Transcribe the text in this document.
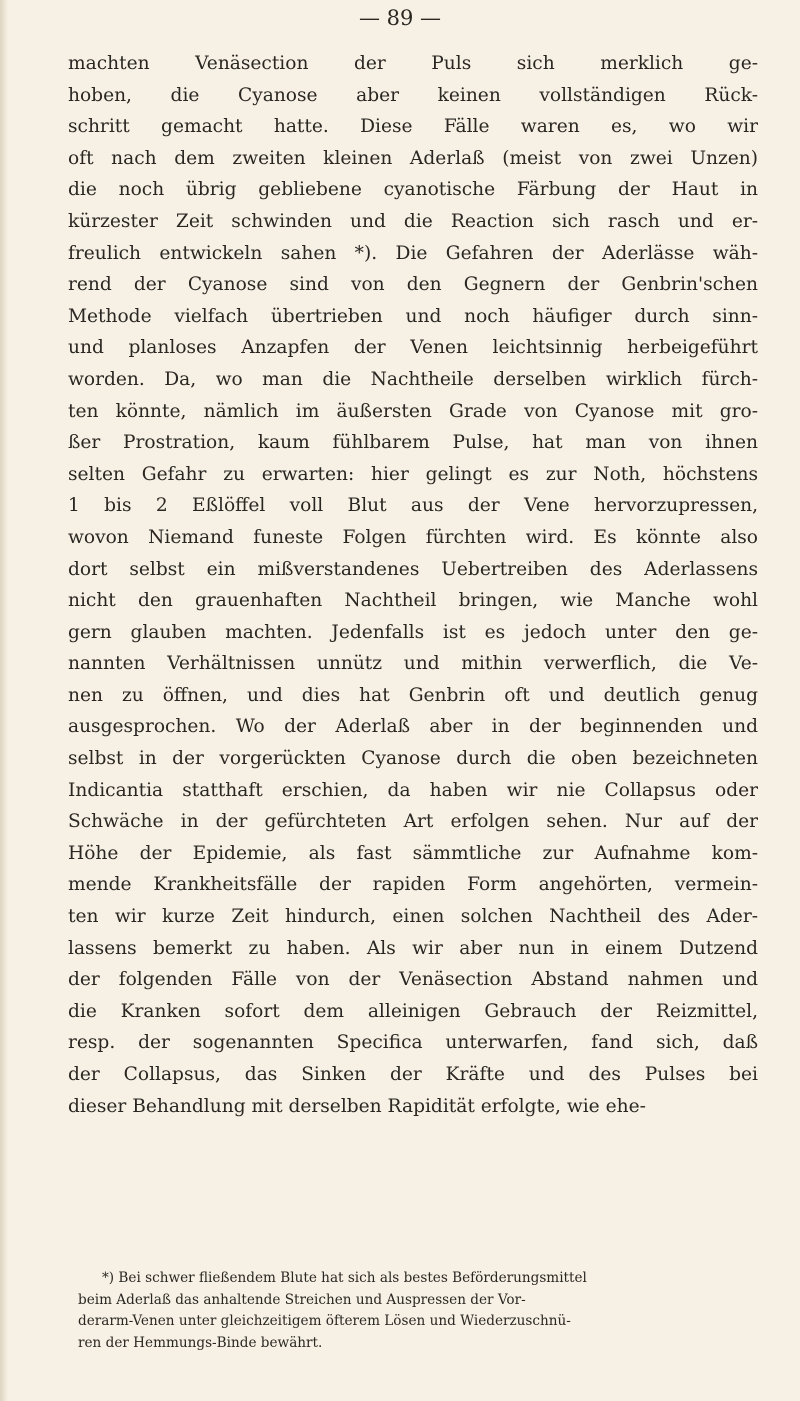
— 89 —

machten Venäsection der Puls sich merklich ge-
hoben, die Cyanose aber keinen vollständigen Rück-
schritt gemacht hatte. Diese Fälle waren es, wo wir
oft nach dem zweiten kleinen Aderlaß (meist von zwei Unzen)
die noch übrig gebliebene cyanotische Färbung der Haut in
kürzester Zeit schwinden und die Reaction sich rasch und er-
freulich entwickeln sahen *). Die Gefahren der Aderlässe wäh-
rend der Cyanose sind von den Gegnern der Genbrin'schen
Methode vielfach übertrieben und noch häufiger durch sinn-
und planloses Anzapfen der Venen leichtsinnig herbeigeführt
worden. Da, wo man die Nachtheile derselben wirklich fürch-
ten könnte, nämlich im äußersten Grade von Cyanose mit gro-
ßer Prostration, kaum fühlbarem Pulse, hat man von ihnen
selten Gefahr zu erwarten: hier gelingt es zur Noth, höchstens
1 bis 2 Eßlöffel voll Blut aus der Vene hervorzupressen,
wovon Niemand funeste Folgen fürchten wird. Es könnte also
dort selbst ein mißverstandenes Uebertreiben des Aderlassens
nicht den grauenhaften Nachtheil bringen, wie Manche wohl
gern glauben machten. Jedenfalls ist es jedoch unter den ge-
nannten Verhältnissen unnütz und mithin verwerflich, die Ve-
nen zu öffnen, und dies hat Genbrin oft und deutlich genug
ausgesprochen. Wo der Aderlaß aber in der beginnenden und
selbst in der vorgerückten Cyanose durch die oben bezeichneten
Indicantia statthaft erschien, da haben wir nie Collapsus oder
Schwäche in der gefürchteten Art erfolgen sehen. Nur auf der
Höhe der Epidemie, als fast sämmtliche zur Aufnahme kom-
mende Krankheitsfälle der rapiden Form angehörten, vermein-
ten wir kurze Zeit hindurch, einen solchen Nachtheil des Ader-
lassens bemerkt zu haben. Als wir aber nun in einem Dutzend
der folgenden Fälle von der Venäsection Abstand nahmen und
die Kranken sofort dem alleinigen Gebrauch der Reizmittel,
resp. der sogenannten Specifica unterwarfen, fand sich, daß
der Collapsus, das Sinken der Kräfte und des Pulses bei
dieser Behandlung mit derselben Rapidität erfolgte, wie ehe-
*) Bei schwer fließendem Blute hat sich als bestes Beförderungsmittel
beim Aderlaß das anhaltende Streichen und Auspressen der Vor-
derarm-Venen unter gleichzeitigem öfterem Lösen und Wiederzuschnü-
ren der Hemmungs-Binde bewährt.
